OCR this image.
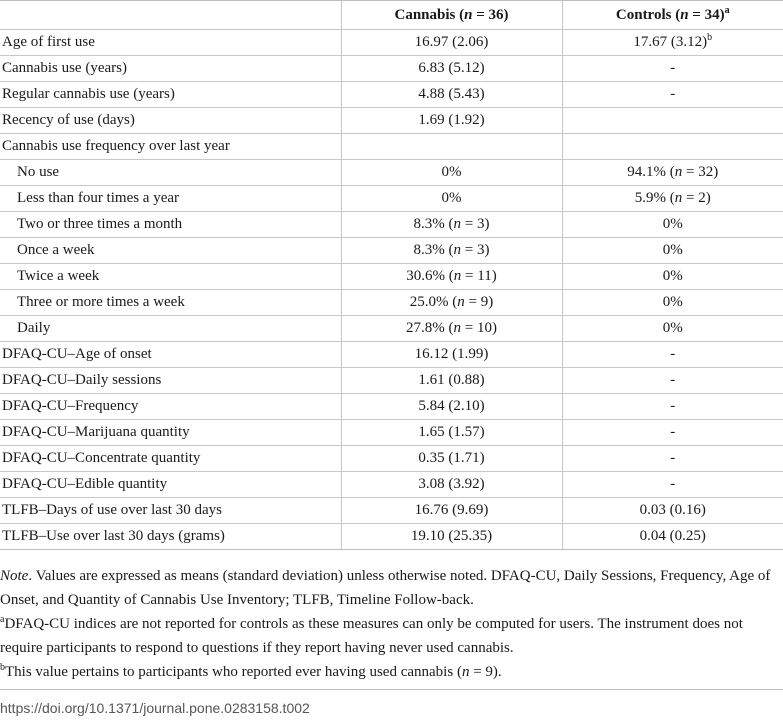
	Cannabis (n = 36)	Controls (n = 34)$^a$
Age of first use	16.97 (2.06)	17.67 $(3.12)^b$
Cannabis use (years)	6.83 (5.12)	-
Regular cannabis use (years)	4.88 (5.43)	-
Recency of use (days)	1.69 (1.92)	
Cannabis use frequency over last year		
No use	0%	94.1% (n = 32)
Less than four times a year	0%	5.9% (n = 2)
Two or three times a month	8.3% (n = 3)	0%
Once a week	8.3% (n = 3)	0%
Twice a week	30.6% (n = 11)	0%
Three or more times a week	25.0% (n = 9)	0%
Daily	27.8% (n = 10)	0%
DFAQ-CU–Age of onset	16.12 (1.99)	-
DFAQ-CU–Daily sessions	1.61 (0.88)	-
DFAQ-CU–Frequency	5.84 (2.10)	-
DFAQ-CU–Marijuana quantity	1.65 (1.57)	-
DFAQ-CU–Concentrate quantity	0.35 (1.71)	-
DFAQ-CU–Edible quantity	3.08 (3.92)	-
TLFB–Days of use over last 30 days	16.76 (9.69)	0.03 (0.16)
TLFB–Use over last 30 days (grams)	19.10 (25.35)	0.04 (0.25)

Note. Values are expressed as means (standard deviation) unless otherwise noted. DFAQ-CU, Daily Sessions, Frequency, Age of Onset, and Quantity of Cannabis Use Inventory; TLFB, Timeline Follow-back.

$^a$DFAQ-CU indices are not reported for controls as these measures can only be computed for users. The instrument does not require participants to respond to questions if they report having never used cannabis.

$^b$This value pertains to participants who reported ever having used cannabis (n = 9).

https://doi.org/10.1371/journal.pone.0283158.t002
